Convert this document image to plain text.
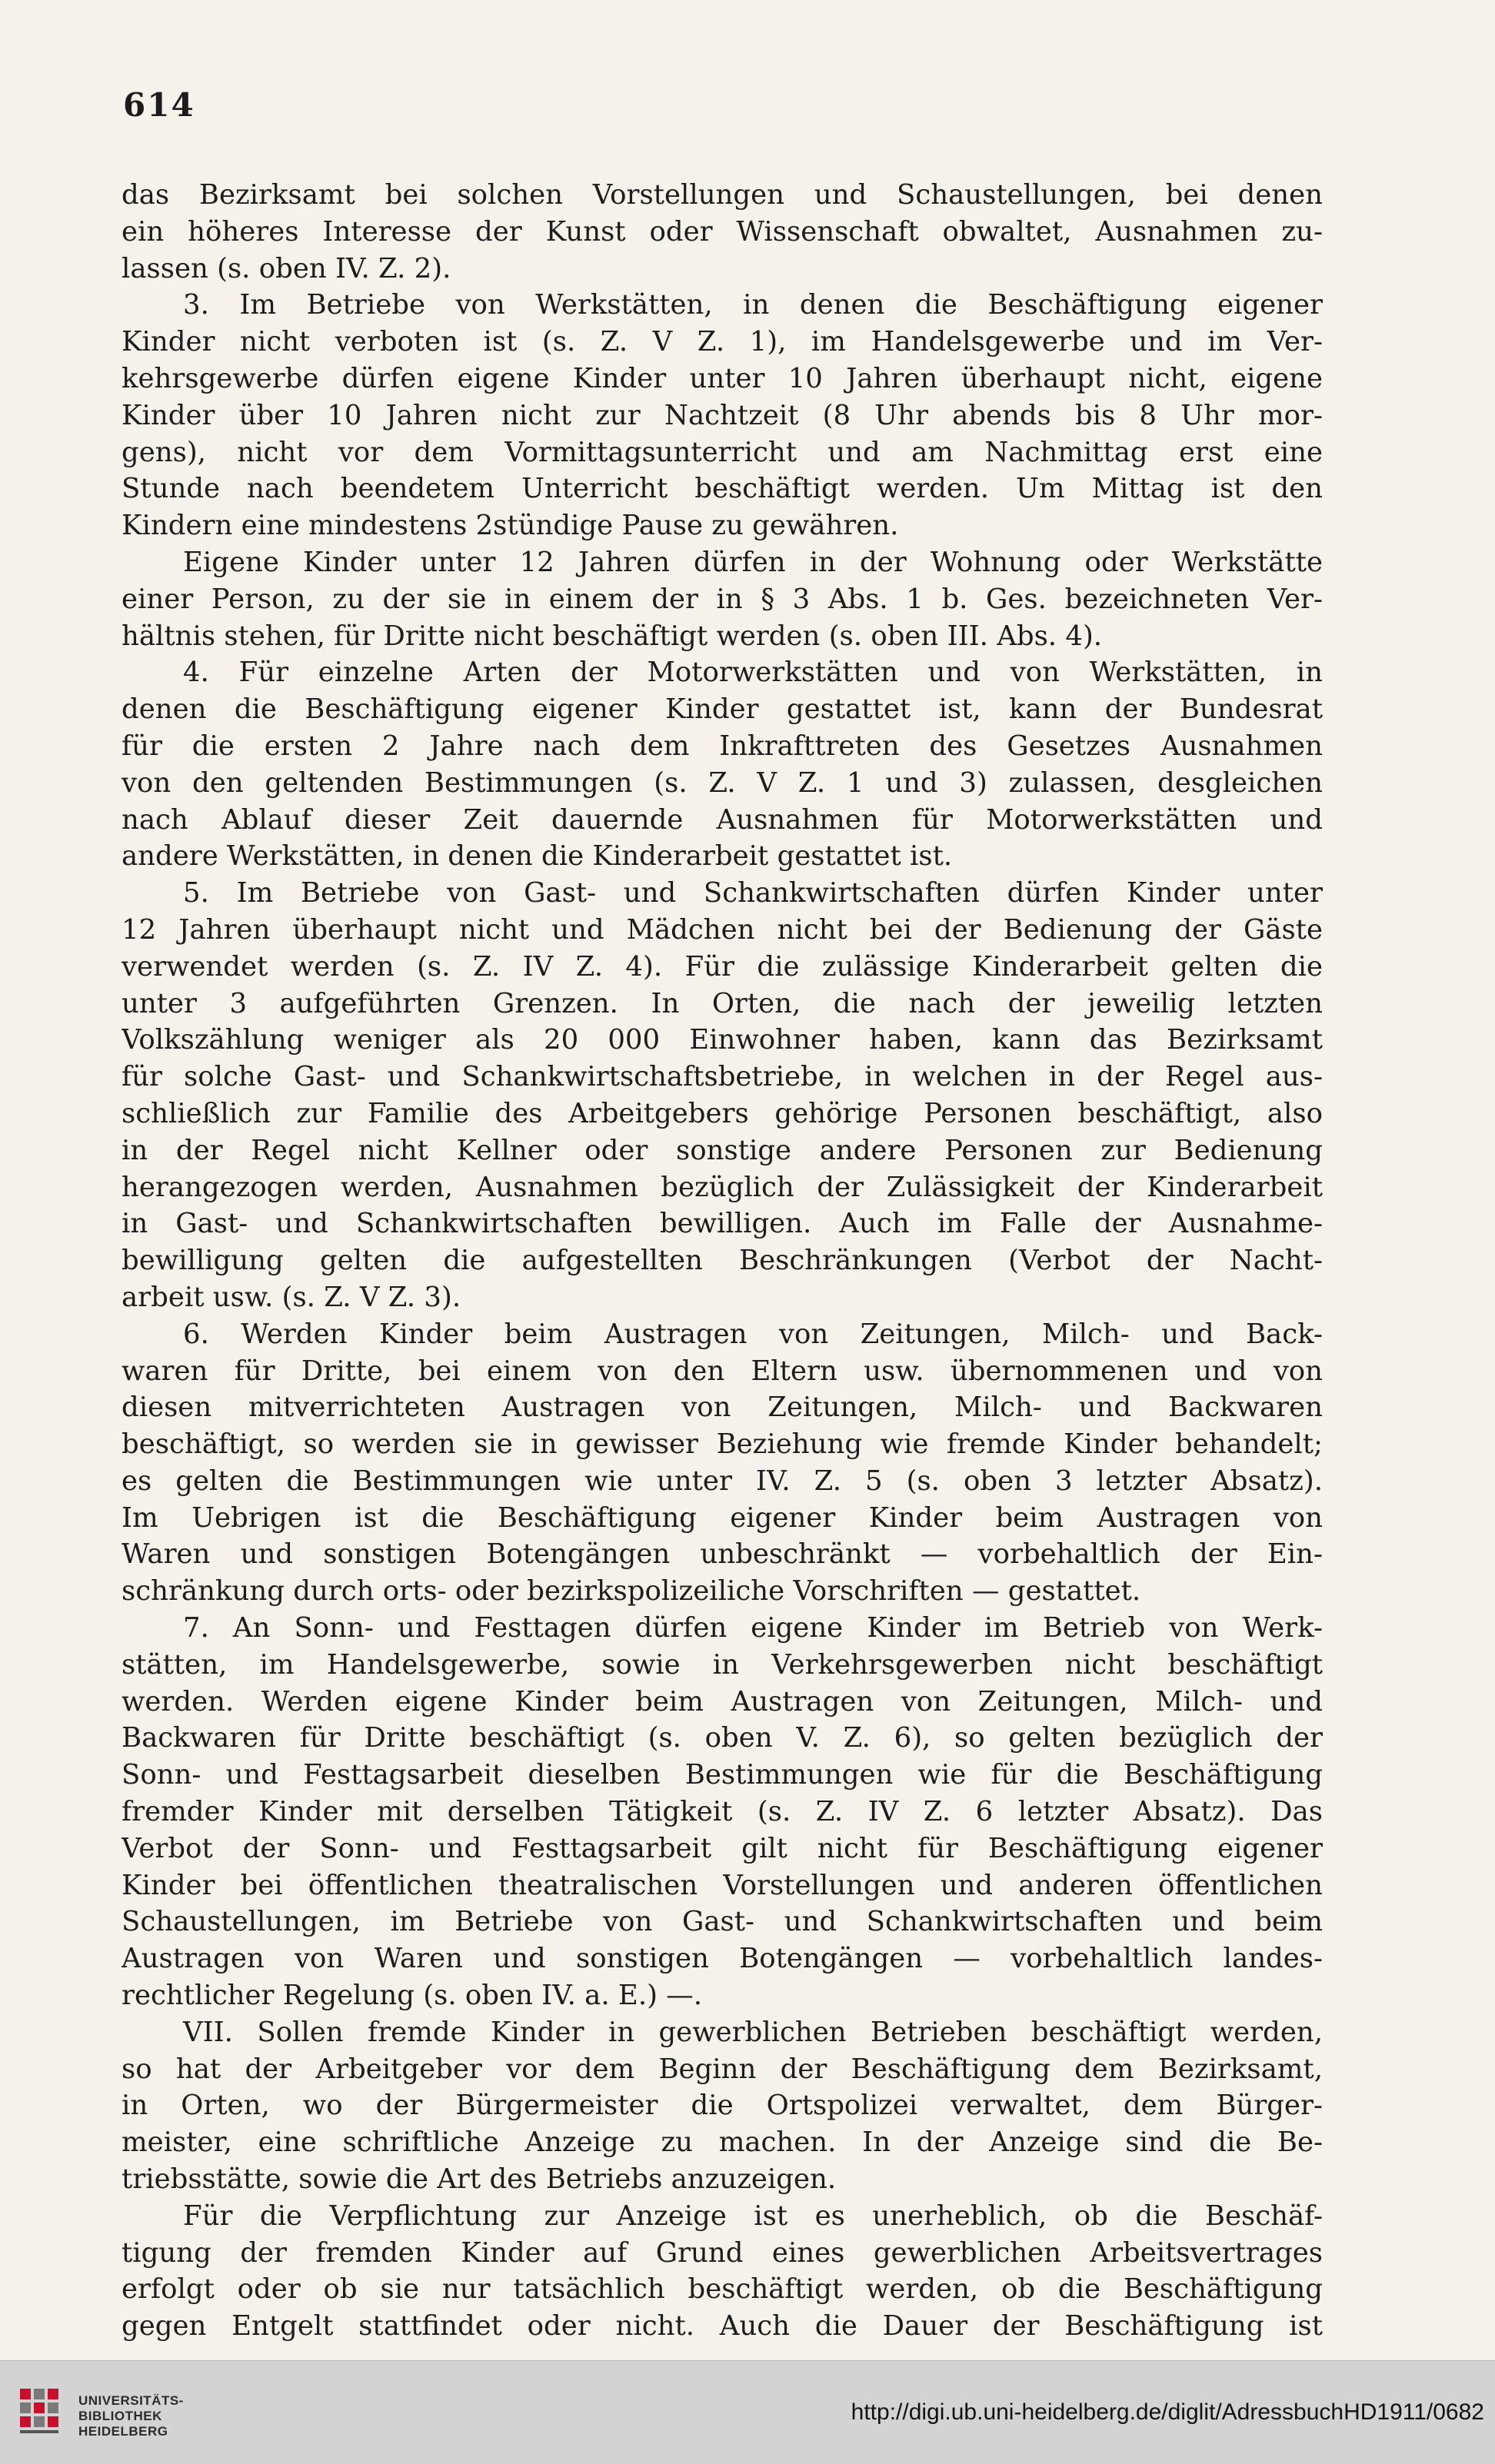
614
das Bezirksamt bei solchen Vorstellungen und Schaustellungen, bei denen
ein höheres Interesse der Kunst oder Wissenschaft obwaltet, Ausnahmen zu-
lassen (s. oben IV. Z. 2).
3. Im Betriebe von Werkstätten, in denen die Beschäftigung eigener
Kinder nicht verboten ist (s. Z. V Z. 1), im Handelsgewerbe und im Ver-
kehrsgewerbe dürfen eigene Kinder unter 10 Jahren überhaupt nicht, eigene
Kinder über 10 Jahren nicht zur Nachtzeit (8 Uhr abends bis 8 Uhr mor-
gens), nicht vor dem Vormittagsunterricht und am Nachmittag erst eine
Stunde nach beendetem Unterricht beschäftigt werden. Um Mittag ist den
Kindern eine mindestens 2stündige Pause zu gewähren.
Eigene Kinder unter 12 Jahren dürfen in der Wohnung oder Werkstätte
einer Person, zu der sie in einem der in § 3 Abs. 1 b. Ges. bezeichneten Ver-
hältnis stehen, für Dritte nicht beschäftigt werden (s. oben III. Abs. 4).
4. Für einzelne Arten der Motorwerkstätten und von Werkstätten, in
denen die Beschäftigung eigener Kinder gestattet ist, kann der Bundesrat
für die ersten 2 Jahre nach dem Inkrafttreten des Gesetzes Ausnahmen
von den geltenden Bestimmungen (s. Z. V Z. 1 und 3) zulassen, desgleichen
nach Ablauf dieser Zeit dauernde Ausnahmen für Motorwerkstätten und
andere Werkstätten, in denen die Kinderarbeit gestattet ist.
5. Im Betriebe von Gast- und Schankwirtschaften dürfen Kinder unter
12 Jahren überhaupt nicht und Mädchen nicht bei der Bedienung der Gäste
verwendet werden (s. Z. IV Z. 4). Für die zulässige Kinderarbeit gelten die
unter 3 aufgeführten Grenzen. In Orten, die nach der jeweilig letzten
Volkszählung weniger als 20 000 Einwohner haben, kann das Bezirksamt
für solche Gast- und Schankwirtschaftsbetriebe, in welchen in der Regel aus-
schließlich zur Familie des Arbeitgebers gehörige Personen beschäftigt, also
in der Regel nicht Kellner oder sonstige andere Personen zur Bedienung
herangezogen werden, Ausnahmen bezüglich der Zulässigkeit der Kinderarbeit
in Gast- und Schankwirtschaften bewilligen. Auch im Falle der Ausnahme-
bewilligung gelten die aufgestellten Beschränkungen (Verbot der Nacht-
arbeit usw. (s. Z. V Z. 3).
6. Werden Kinder beim Austragen von Zeitungen, Milch- und Back-
waren für Dritte, bei einem von den Eltern usw. übernommenen und von
diesen mitverrichteten Austragen von Zeitungen, Milch- und Backwaren
beschäftigt, so werden sie in gewisser Beziehung wie fremde Kinder behandelt;
es gelten die Bestimmungen wie unter IV. Z. 5 (s. oben 3 letzter Absatz).
Im Uebrigen ist die Beschäftigung eigener Kinder beim Austragen von
Waren und sonstigen Botengängen unbeschränkt — vorbehaltlich der Ein-
schränkung durch orts- oder bezirkspolizeiliche Vorschriften — gestattet.
7. An Sonn- und Festtagen dürfen eigene Kinder im Betrieb von Werk-
stätten, im Handelsgewerbe, sowie in Verkehrsgewerben nicht beschäftigt
werden. Werden eigene Kinder beim Austragen von Zeitungen, Milch- und
Backwaren für Dritte beschäftigt (s. oben V. Z. 6), so gelten bezüglich der
Sonn- und Festtagsarbeit dieselben Bestimmungen wie für die Beschäftigung
fremder Kinder mit derselben Tätigkeit (s. Z. IV Z. 6 letzter Absatz). Das
Verbot der Sonn- und Festtagsarbeit gilt nicht für Beschäftigung eigener
Kinder bei öffentlichen theatralischen Vorstellungen und anderen öffentlichen
Schaustellungen, im Betriebe von Gast- und Schankwirtschaften und beim
Austragen von Waren und sonstigen Botengängen — vorbehaltlich landes-
rechtlicher Regelung (s. oben IV. a. E.) —.
VII. Sollen fremde Kinder in gewerblichen Betrieben beschäftigt werden,
so hat der Arbeitgeber vor dem Beginn der Beschäftigung dem Bezirksamt,
in Orten, wo der Bürgermeister die Ortspolizei verwaltet, dem Bürger-
meister, eine schriftliche Anzeige zu machen. In der Anzeige sind die Be-
triebsstätte, sowie die Art des Betriebs anzuzeigen.
Für die Verpflichtung zur Anzeige ist es unerheblich, ob die Beschäf-
tigung der fremden Kinder auf Grund eines gewerblichen Arbeitsvertrages
erfolgt oder ob sie nur tatsächlich beschäftigt werden, ob die Beschäftigung
gegen Entgelt stattfindet oder nicht. Auch die Dauer der Beschäftigung ist
UNIVERSITÄTS-
BIBLIOTHEK
HEIDELBERG
http://digi.ub.uni-heidelberg.de/diglit/AdressbuchHD1911/0682
